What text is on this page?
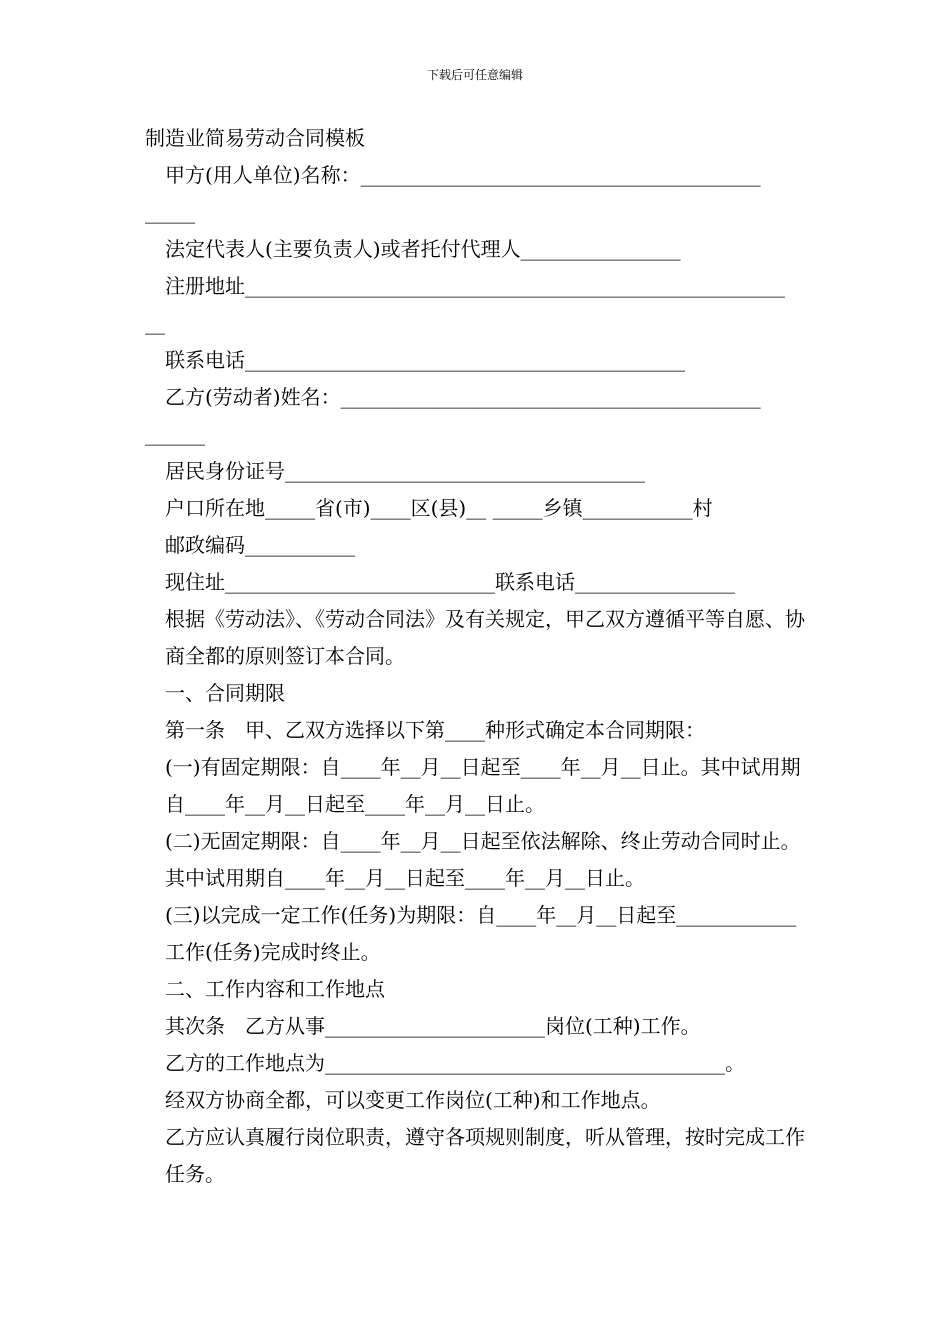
下载后可任意编辑
制造业简易劳动合同模板
甲方(用人单位)名称：________________________________________
_____
法定代表人(主要负责人)或者托付代理人________________
注册地址______________________________________________________
__
联系电话____________________________________________
乙方(劳动者)姓名：__________________________________________
______
居民身份证号____________________________________
户口所在地_____省(市)____区(县)__ _____乡镇___________村
邮政编码___________
现住址___________________________联系电话________________
根据《劳动法》、《劳动合同法》及有关规定，甲乙双方遵循平等自愿、协商全都的原则签订本合同。
一、合同期限
第一条　甲、乙双方选择以下第____种形式确定本合同期限：
(一)有固定期限：自____年__月__日起至____年__月__日止。其中试用期自____年__月__日起至____年__月__日止。
(二)无固定期限：自____年__月__日起至依法解除、终止劳动合同时止。其中试用期自____年__月__日起至____年__月__日止。
(三)以完成一定工作(任务)为期限：自____年__月__日起至____________工作(任务)完成时终止。
二、工作内容和工作地点
其次条　乙方从事______________________岗位(工种)工作。
乙方的工作地点为________________________________________。
经双方协商全都，可以变更工作岗位(工种)和工作地点。
乙方应认真履行岗位职责，遵守各项规则制度，听从管理，按时完成工作任务。
